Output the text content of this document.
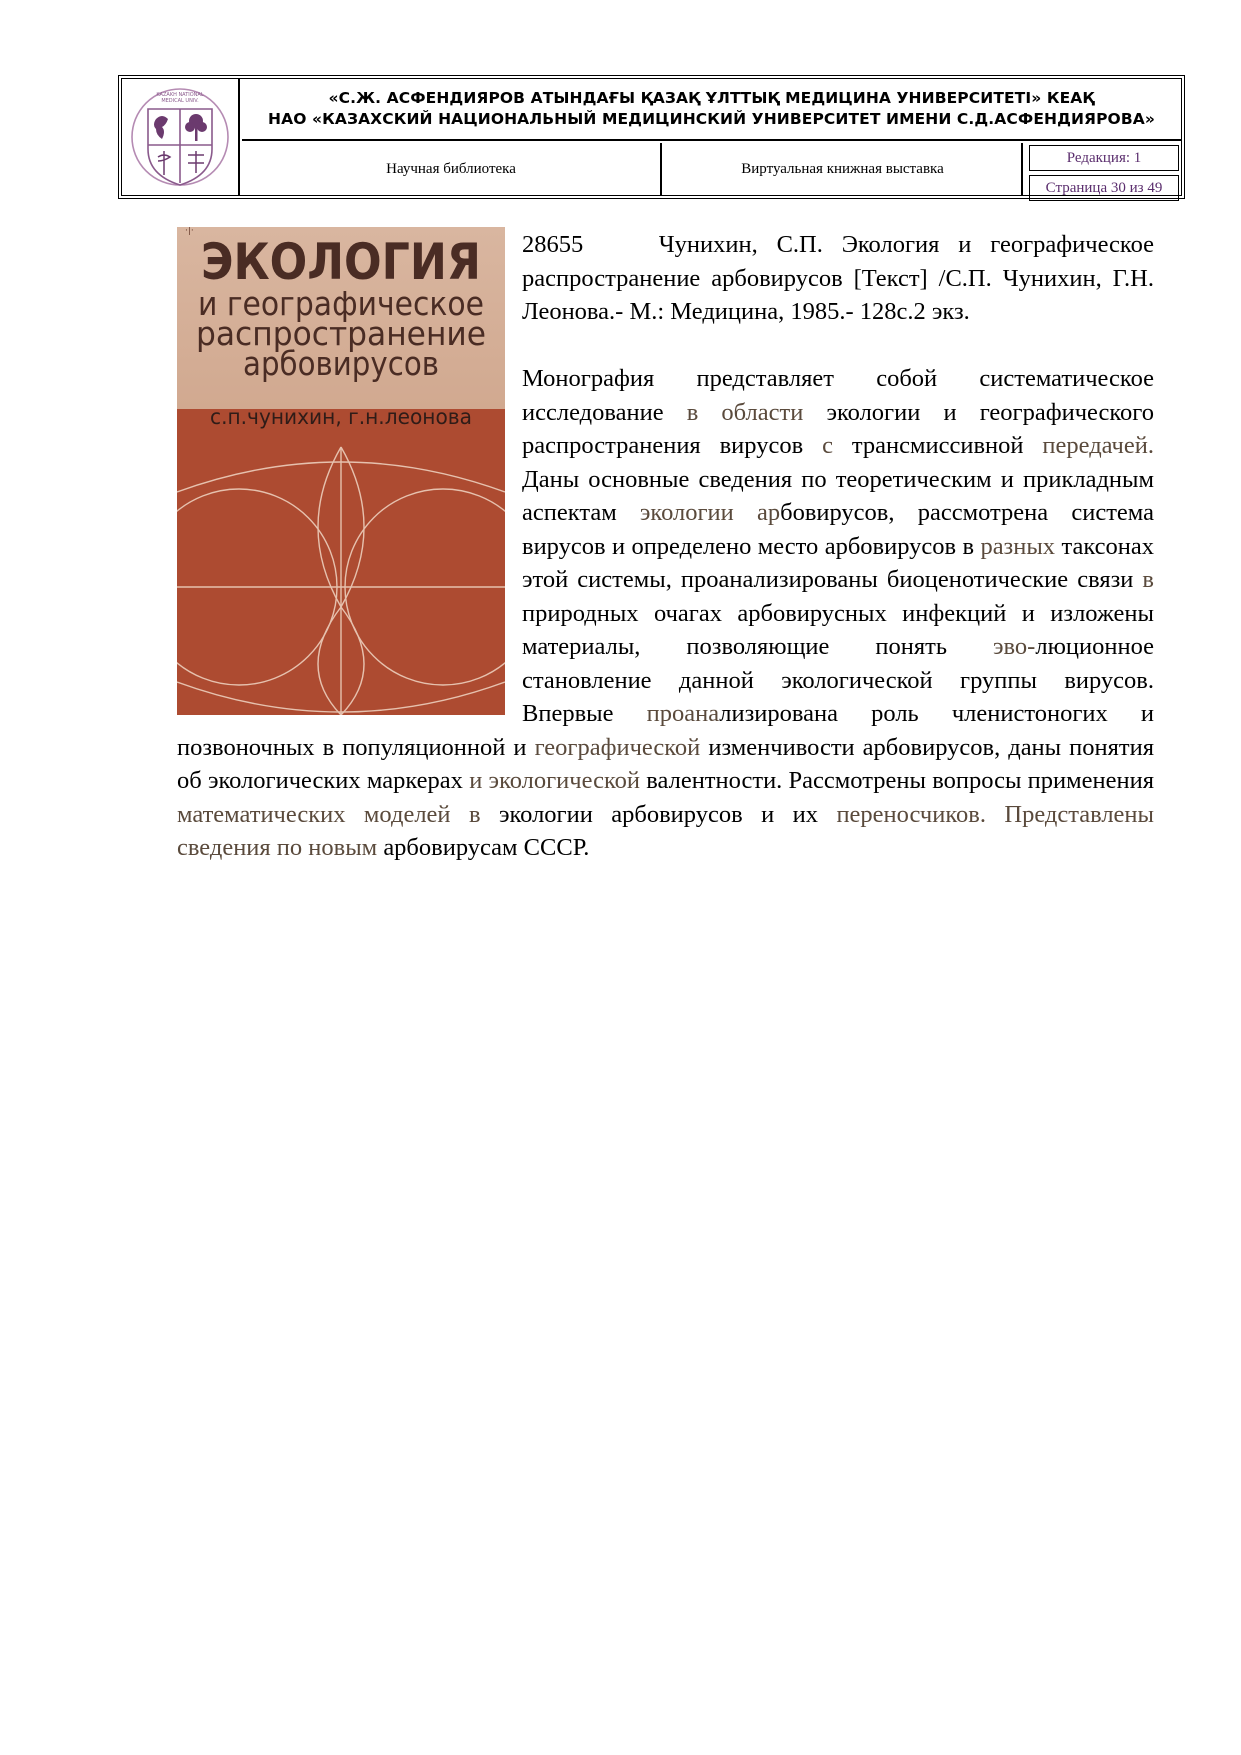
KAZAKH NATIONAL
MEDICAL UNIV.	«С.Ж. АСФЕНДИЯРОВ АТЫНДАҒЫ ҚАЗАҚ ҰЛТТЫҚ МЕДИЦИНА УНИВЕРСИТЕТІ» КЕАҚ
НАО «КАЗАХСКИЙ НАЦИОНАЛЬНЫЙ МЕДИЦИНСКИЙ УНИВЕРСИТЕТ ИМЕНИ С.Д.АСФЕНДИЯРОВА»
Научная библиотека	Виртуальная книжная выставка
Редакция: 1
Страница 30 из 49
·|·
ЭКОЛОГИЯ
и географическое
распространение
арбовирусов
с.п.чунихин, г.н.леонова

28655	Чунихин, С.П. Экология и географическое распространение арбовирусов [Текст] /С.П. Чунихин, Г.Н. Леонова.- М.: Медицина, 1985.- 128с.2 экз.

Монография представляет собой систематическое исследование в области экологии и географического распространения вирусов с трансмиссивной передачей. Даны основные сведения по теоретическим и прикладным аспектам экологии арбовирусов, рассмотрена система вирусов и определено место арбовирусов в разных таксонах этой системы, проанализированы биоценотические связи в природных очагах арбовирусных инфекций и изложены материалы, позволяющие понять эво-люционное становление данной экологической группы вирусов. Впервые проанализирована роль членистоногих и позвоночных в популяционной и географической изменчивости арбовирусов, даны понятия об экологических маркерах и экологической валентности. Рассмотрены вопросы применения математических моделей в экологии арбовирусов и их переносчиков. Представлены сведения по новым арбовирусам СССР.
